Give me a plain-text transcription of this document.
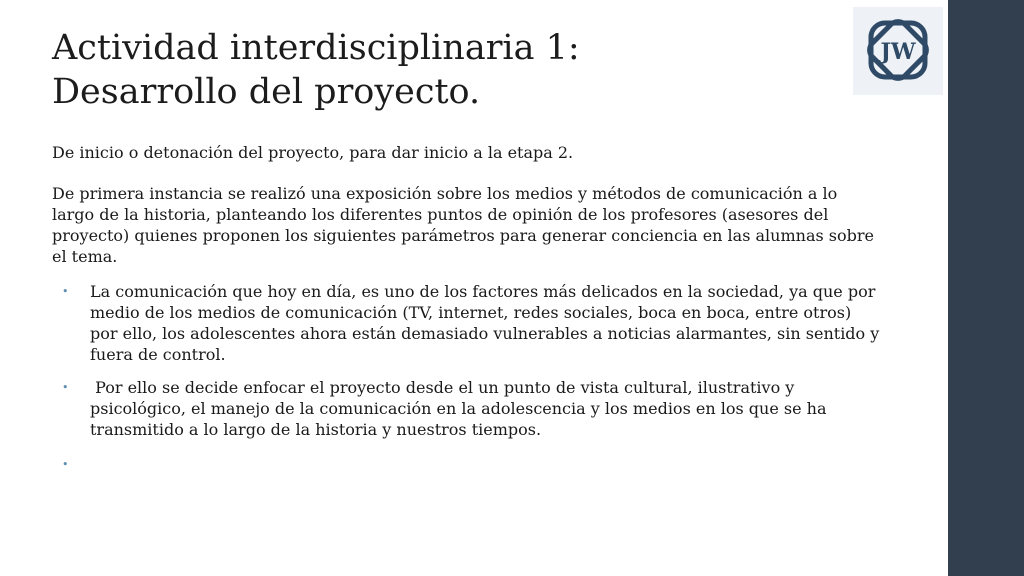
JW
Actividad interdisciplinaria 1:
Desarrollo del proyecto.

De inicio o detonación del proyecto, para dar inicio a la etapa 2.

De primera instancia se realizó una exposición sobre los medios y métodos de comunicación a lo largo de la historia, planteando los diferentes puntos de opinión de los profesores (asesores del proyecto) quienes proponen los siguientes parámetros para generar conciencia en las alumnas sobre el tema.

• La comunicación que hoy en día, es uno de los factores más delicados en la sociedad, ya que por medio de los medios de comunicación (TV, internet, redes sociales, boca en boca, entre otros) por ello, los adolescentes ahora están demasiado vulnerables a noticias alarmantes, sin sentido y fuera de control.
• Por ello se decide enfocar el proyecto desde el un punto de vista cultural, ilustrativo y psicológico, el manejo de la comunicación en la adolescencia y los medios en los que se ha transmitido a lo largo de la historia y nuestros tiempos.
•
